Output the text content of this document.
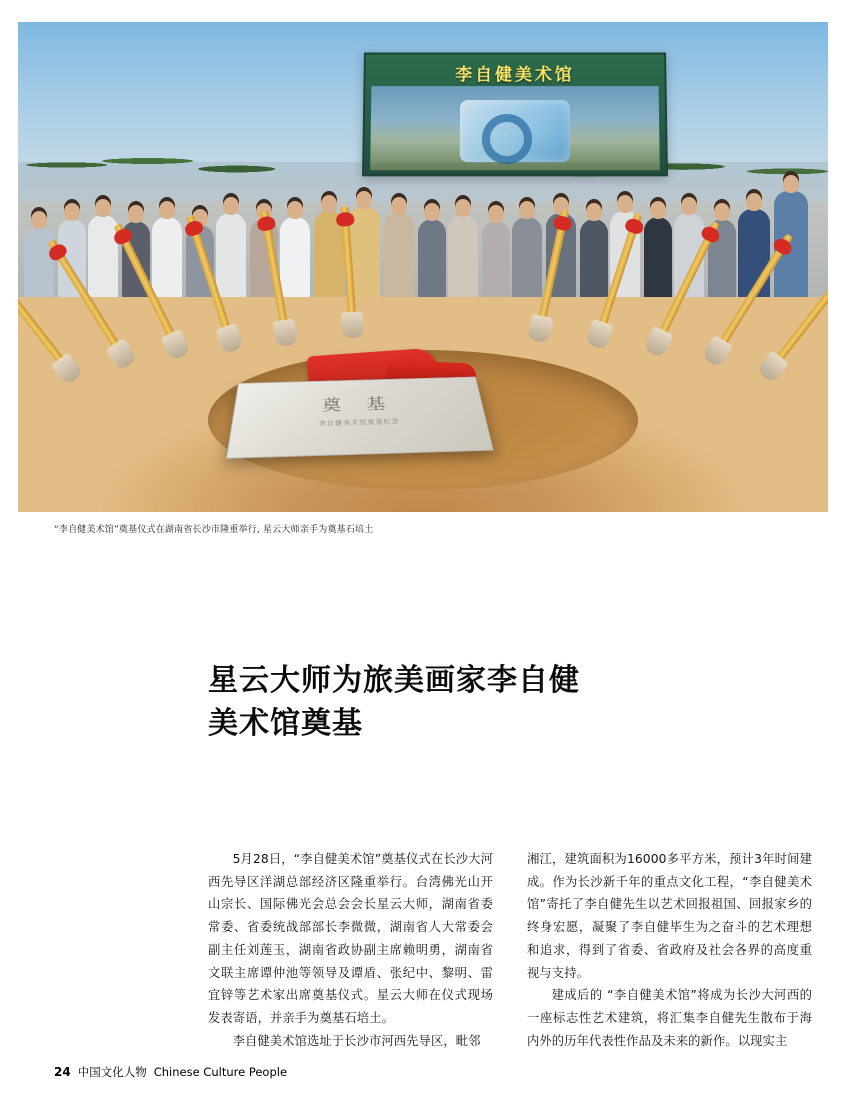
李自健美术馆
奠 基
李自健美术馆奠基纪念
“李自健美术馆”奠基仪式在湖南省长沙市隆重举行, 星云大师亲手为奠基石培土
星云大师为旅美画家李自健
美术馆奠基

5月28日，“李自健美术馆”奠基仪式在长沙大河西先导区洋湖总部经济区隆重举行。台湾佛光山开山宗长、国际佛光会总会会长星云大师，湖南省委常委、省委统战部部长李微微，湖南省人大常委会副主任刘莲玉，湖南省政协副主席赖明勇，湖南省文联主席谭仲池等领导及谭盾、张纪中、黎明、雷宜锌等艺术家出席奠基仪式。星云大师在仪式现场发表寄语，并亲手为奠基石培土。

李自健美术馆选址于长沙市河西先导区，毗邻

湘江，建筑面积为16000多平方米，预计3年时间建成。作为长沙新千年的重点文化工程，“李自健美术馆”寄托了李自健先生以艺术回报祖国、回报家乡的终身宏愿，凝聚了李自健毕生为之奋斗的艺术理想和追求，得到了省委、省政府及社会各界的高度重视与支持。

建成后的 “李自健美术馆”将成为长沙大河西的一座标志性艺术建筑，将汇集李自健先生散布于海内外的历年代表性作品及未来的新作。以现实主

24 中国文化人物 Chinese Culture People
